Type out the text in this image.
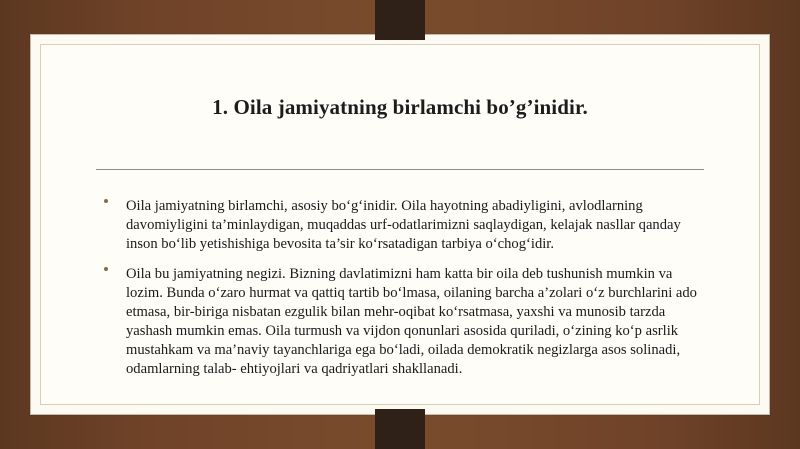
1. Oila jamiyatning birlamchi bo’g’inidir.
Oila jamiyatning birlamchi, asosiy bo‘g‘inidir. Oila hayotning abadiyligini, avlodlarning davomiyligini ta’minlaydigan, muqaddas urf-odatlarimizni saqlaydigan, kelajak nasllar qanday inson bo‘lib yetishishiga bevosita ta’sir ko‘rsatadigan tarbiya o‘chog‘idir.
Oila bu jamiyatning negizi. Bizning davlatimizni ham katta bir oila deb tushunish mumkin va lozim. Bunda o‘zaro hurmat va qattiq tartib bo‘lmasa, oilaning barcha a’zolari o‘z burchlarini ado etmasa, bir-biriga nisbatan ezgulik bilan mehr-oqibat ko‘rsatmasa, yaxshi va munosib tarzda yashash mumkin emas. Oila turmush va vijdon qonunlari asosida quriladi, o‘zining ko‘p asrlik mustahkam va ma’naviy tayanchlariga ega bo‘ladi, oilada demokratik negizlarga asos solinadi, odamlarning talab- ehtiyojlari va qadriyatlari shakllanadi.
